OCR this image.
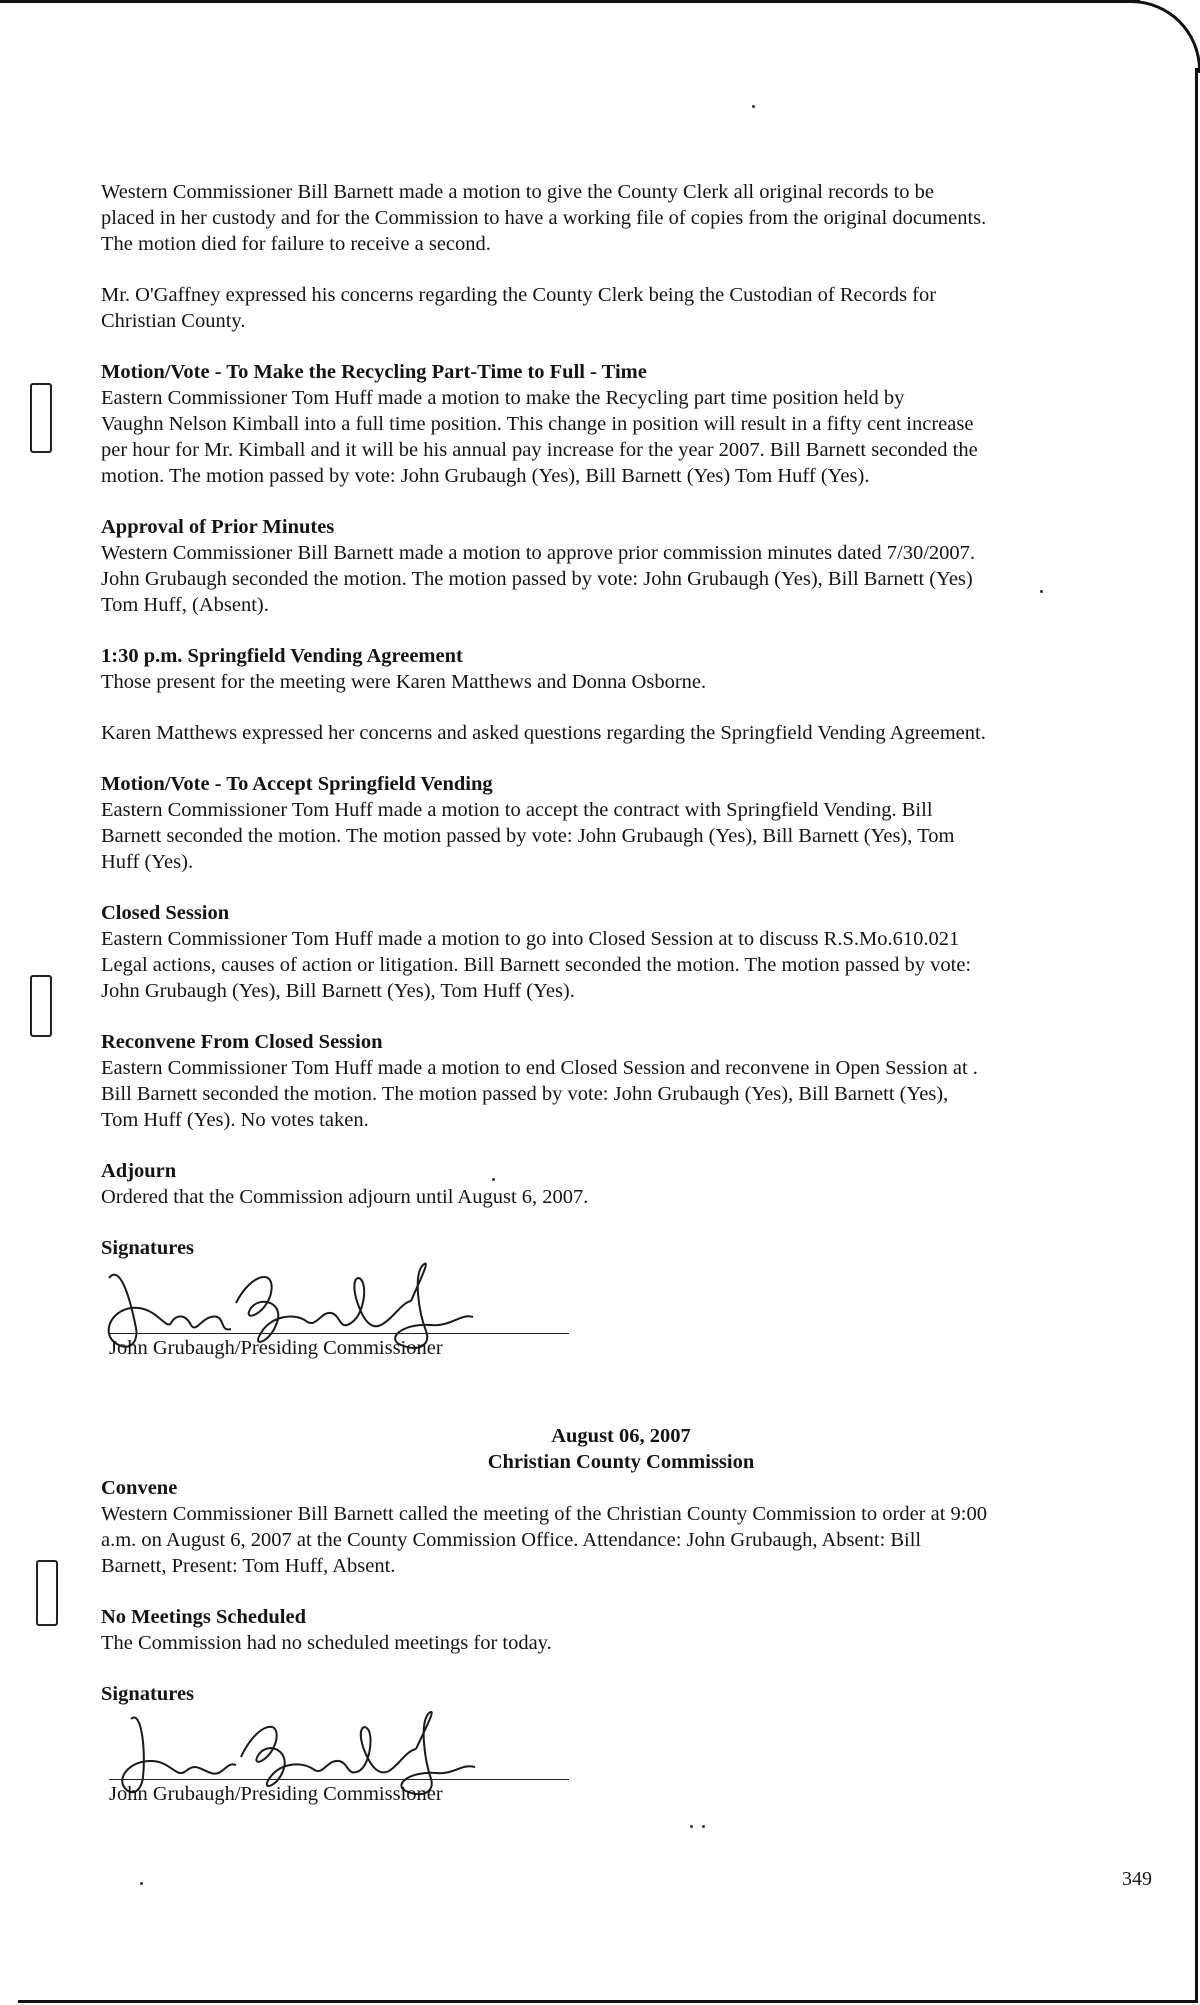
Western Commissioner Bill Barnett made a motion to give the County Clerk all original records to be
placed in her custody and for the Commission to have a working file of copies from the original documents.
The motion died for failure to receive a second.
Mr. O'Gaffney expressed his concerns regarding the County Clerk being the Custodian of Records for
Christian County.
Motion/Vote - To Make the Recycling Part-Time to Full - Time
Eastern Commissioner Tom Huff made a motion to make the Recycling part time position held by
Vaughn Nelson Kimball into a full time position. This change in position will result in a fifty cent increase
per hour for Mr. Kimball and it will be his annual pay increase for the year 2007. Bill Barnett seconded the
motion. The motion passed by vote: John Grubaugh (Yes), Bill Barnett (Yes) Tom Huff (Yes).
Approval of Prior Minutes
Western Commissioner Bill Barnett made a motion to approve prior commission minutes dated 7/30/2007.
John Grubaugh seconded the motion. The motion passed by vote: John Grubaugh (Yes), Bill Barnett (Yes)
Tom Huff, (Absent).
1:30 p.m. Springfield Vending Agreement
Those present for the meeting were Karen Matthews and Donna Osborne.
Karen Matthews expressed her concerns and asked questions regarding the Springfield Vending Agreement.
Motion/Vote - To Accept Springfield Vending
Eastern Commissioner Tom Huff made a motion to accept the contract with Springfield Vending. Bill
Barnett seconded the motion. The motion passed by vote: John Grubaugh (Yes), Bill Barnett (Yes), Tom
Huff (Yes).
Closed Session
Eastern Commissioner Tom Huff made a motion to go into Closed Session at to discuss R.S.Mo.610.021
Legal actions, causes of action or litigation. Bill Barnett seconded the motion. The motion passed by vote:
John Grubaugh (Yes), Bill Barnett (Yes), Tom Huff (Yes).
Reconvene From Closed Session
Eastern Commissioner Tom Huff made a motion to end Closed Session and reconvene in Open Session at .
Bill Barnett seconded the motion. The motion passed by vote: John Grubaugh (Yes), Bill Barnett (Yes),
Tom Huff (Yes). No votes taken.
Adjourn
Ordered that the Commission adjourn until August 6, 2007.
Signatures
John Grubaugh/Presiding Commissioner
August 06, 2007
Christian County Commission
Convene
Western Commissioner Bill Barnett called the meeting of the Christian County Commission to order at 9:00
a.m. on August 6, 2007 at the County Commission Office. Attendance: John Grubaugh, Absent: Bill
Barnett, Present: Tom Huff, Absent.
No Meetings Scheduled
The Commission had no scheduled meetings for today.
Signatures
John Grubaugh/Presiding Commissioner
349
